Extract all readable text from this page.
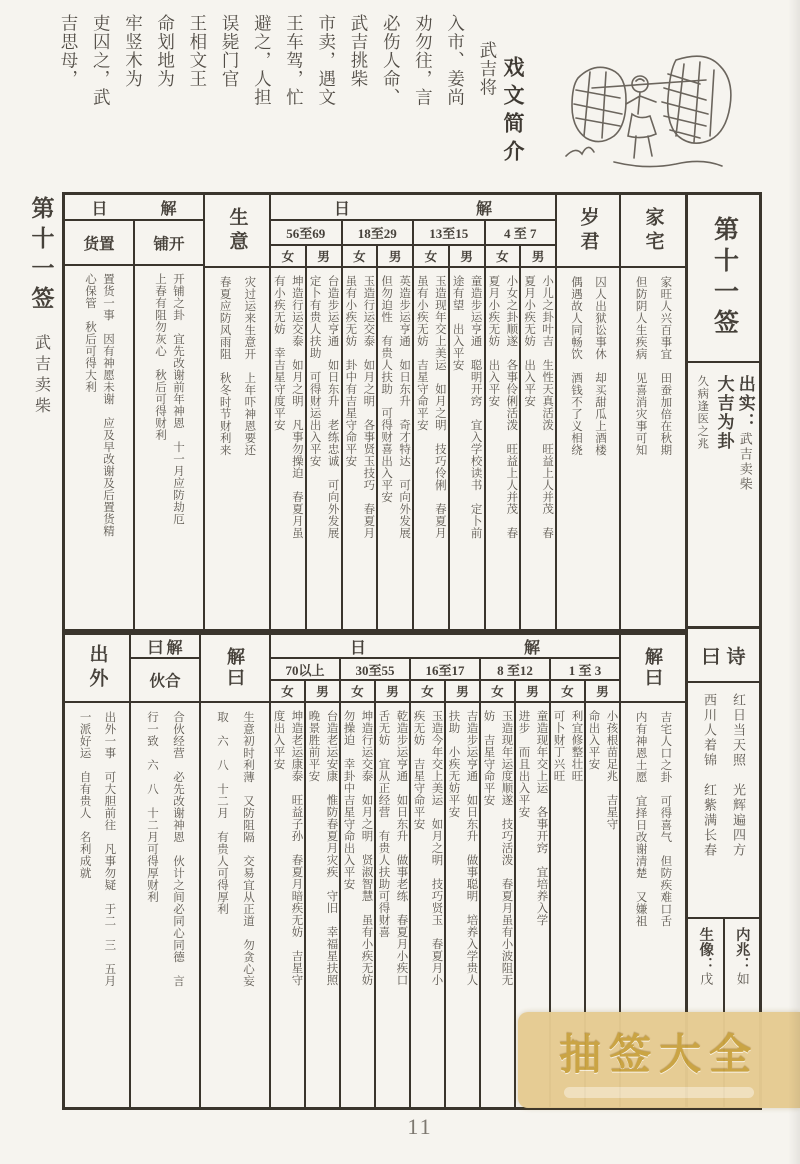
戏文简介
武吉将
入市、姜尚
劝勿往，言
必伤人命、
武吉挑柴
市卖，遇文
王车驾，忙
避之，人担
误毙门官
王相文王
命划地为
牢竖木为
吏囚之，武
吉思母，
第十一签
武吉卖柴
解
日
货置	铺开
置货一事　因有神愿未谢　应及早改谢及后置货精
心保管　秋后可得大利	开铺之卦　宜先改谢前年神恩　十一月应防劫厄
上春有阻勿灰心　秋后可得财利
生意
灾过运来生意开　上年吓神恩要还
春夏应防风雨阻　秋冬时节财利来
解
日
56至69
男
女
台造步运亨通　如日东升　老练忠诚　可向外发展
定卜有贵人扶助　可得财运出入平安
坤造行运交泰　如月之明　凡事勿操迫　春夏月虽
有小疾无妨　幸吉星守度平安
18至29
男
女
英造步运亨通　如日东升　奇才特达　可向外发展
但勿迫性　有贵人扶助　可得财喜出入平安
玉造行运交泰　如月之明　各事贤玉技巧　春夏月
虽有小疾无妨　卦中有吉星守命平安
13至15
男
女
童造步运亨通　聪明开窍　宜入学校读书　定卜前
途有望　出入平安
玉造现年交上美运　如月之明　技巧伶俐　春夏月
虽有小疾无妨　吉星守命平安
4 至 7
男
女
小儿之卦叶吉　生性天真活泼　旺益上人并茂　春
夏月小疾无妨　出入平安
小女之卦顺遂　各事伶俐活泼　旺益上人并茂　春
夏月小疾无妨　出入平安
岁君
囚人出狱讼事休　却买甜瓜上酒楼
偶遇故人同畅饮　酒钱不了义相绕
家宅
家旺人兴百事宜　田蚕加倍在秋期
但防阴人生疾病　见喜消灾事可知
出外
出外一事　可大胆前往　凡事勿疑　于二　三　五月
一派好运　自有贵人　名利成就
解
曰
伙合
合伙经营　必先改谢神恩　伙计之间必同心同德　言
行一致　六　八　十二月可得厚财利
解曰
生意初时利薄　又防阻隔　交易宜从正道　勿贪心妄
取　六　八　十二月　有贵人可得厚利
解
日
70以上
男
女
台造老运安康　惟防春夏月灾疾　守旧　幸福星扶照
晚景胜前平安
坤造老运康泰　旺益子孙　春夏月暗疾无妨　吉星守
度出入平安
30至55
男
女
乾造步运亨通　如日东升　做事老练　春夏月小疾口
舌无妨　宜从正经营　有贵人扶助可得财喜
坤造行运交泰　如月之明　贤淑智慧　虽有小疾无妨
勿操迫　幸卦中吉星守命出入平安
16至17
男
女
吉造步运亨通　如日东升　做事聪明　培养入学贵人
扶助　小疾无妨平安
玉造今年交上美运　如月之明　技巧贤玉　春夏月小
疾无妨　吉星守命平安
8 至12
男
女
童造现年交上运　各事开窍　宜培养入学
进步　而且出入平安
玉造现年运度顺遂　技巧活泼　春夏月虽有小波阻无
妨　吉星守命平安
1 至 3
男
女
小孩根苗足兆　吉星守
命出入平安
利宜修整壮旺
可卜财丁兴旺
解曰
吉宅人口之卦　可得喜气　但防疾难口舌
内有神恩土愿　宜择日改谢清楚　又嫌祖
第十一签
出实：武吉卖柴
大吉为卦
久病逢医之兆
诗
曰
红日当天照　光辉遍四方
西川人着锦　红紫满长春
内兆：如
生像：戊
抽签大全
11
